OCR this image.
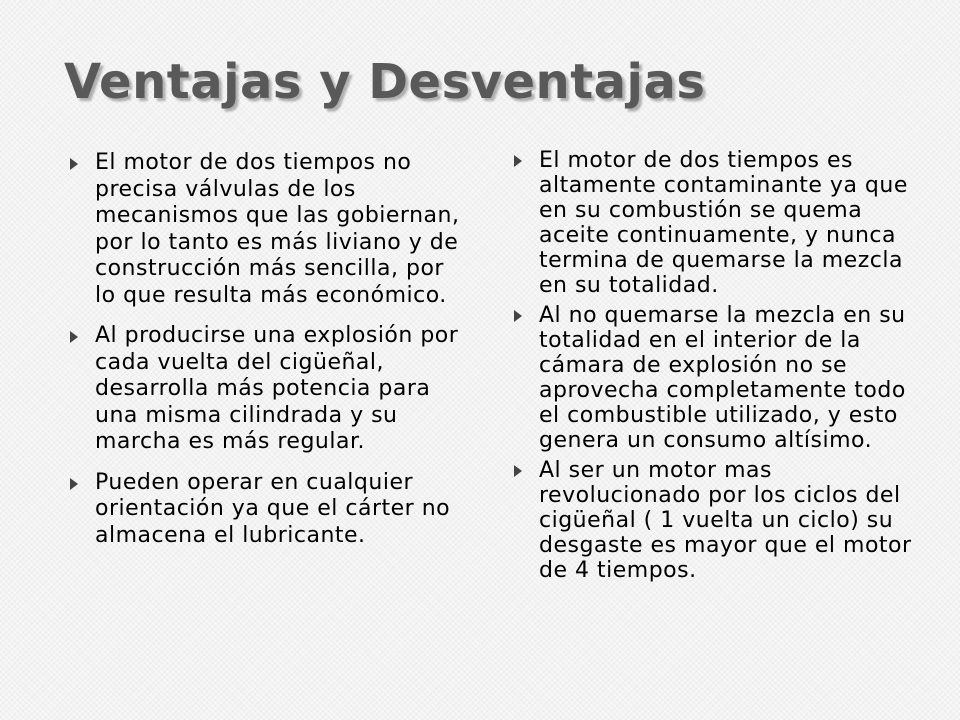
Ventajas y Desventajas
El motor de dos tiempos no precisa válvulas de los mecanismos que las gobiernan, por lo tanto es más liviano y de construcción más sencilla, por lo que resulta más económico.
Al producirse una explosión por cada vuelta del cigüeñal, desarrolla más potencia para una misma cilindrada y su marcha es más regular.
Pueden operar en cualquier orientación ya que el cárter no almacena el lubricante.
El motor de dos tiempos es altamente contaminante ya que en su combustión se quema aceite continuamente, y nunca termina de quemarse la mezcla en su totalidad.
Al no quemarse la mezcla en su totalidad en el interior de la cámara de explosión no se aprovecha completamente todo el combustible utilizado, y esto genera un consumo altísimo.
Al ser un motor mas revolucionado por los ciclos del cigüeñal ( 1 vuelta un ciclo) su desgaste es mayor que el motor de 4 tiempos.
